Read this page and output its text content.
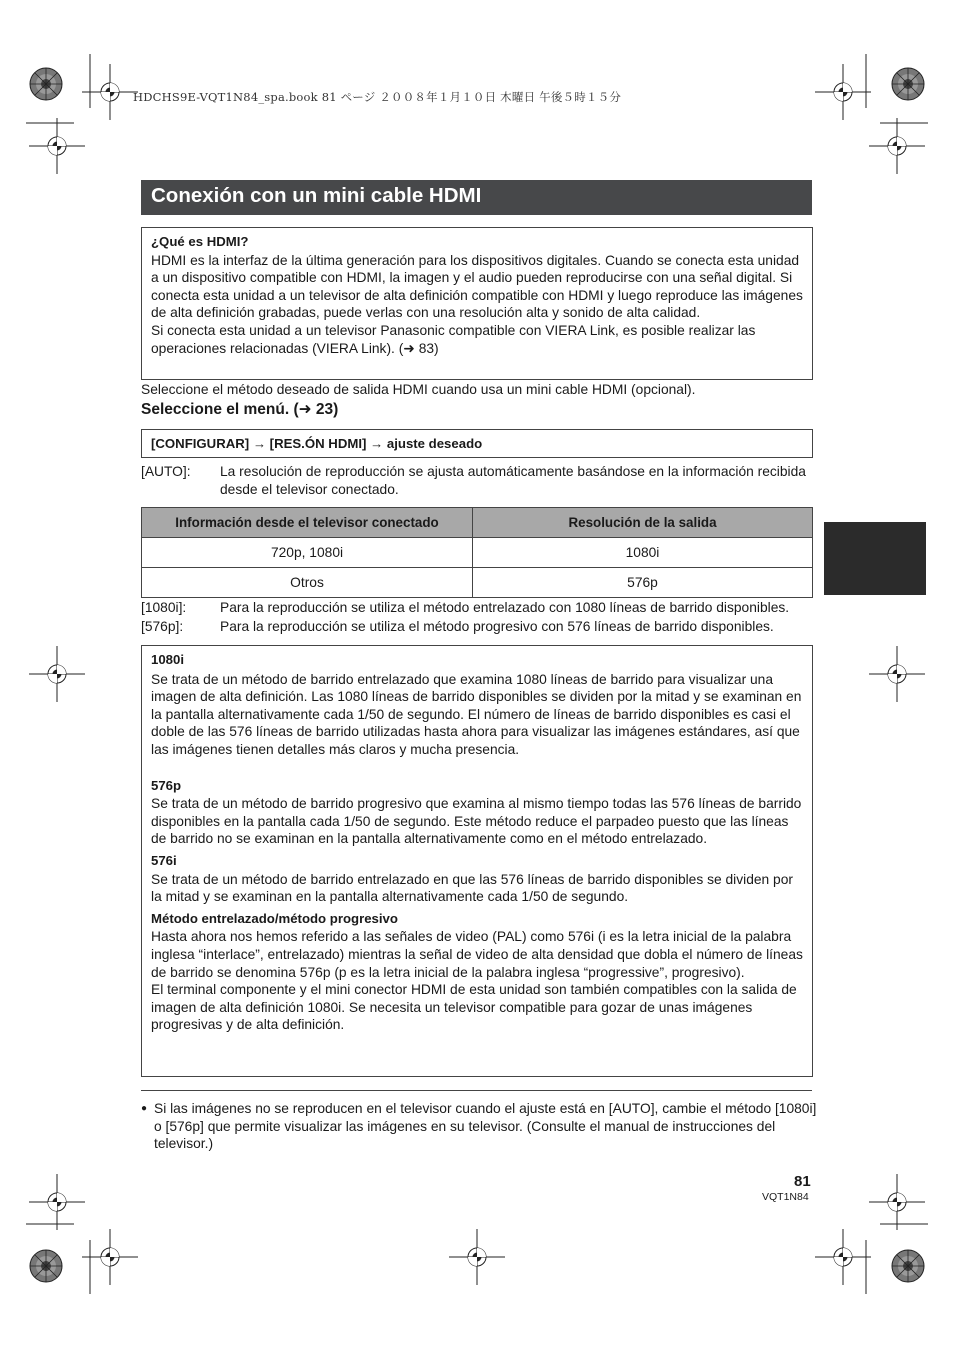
HDCHS9E-VQT1N84_spa.book 81 ページ ２００８年１月１０日 木曜日 午後５時１５分
Conexión con un mini cable HDMI

¿Qué es HDMI?

HDMI es la interfaz de la última generación para los dispositivos digitales. Cuando se conecta esta unidad a un dispositivo compatible con HDMI, la imagen y el audio pueden reproducirse con una señal digital. Si conecta esta unidad a un televisor de alta definición compatible con HDMI y luego reproduce las imágenes de alta definición grabadas, puede verlas con una resolución alta y sonido de alta calidad.

Si conecta esta unidad a un televisor Panasonic compatible con VIERA Link, es posible realizar las operaciones relacionadas (VIERA Link). (➜ 83)

Seleccione el método deseado de salida HDMI cuando usa un mini cable HDMI (opcional).
Seleccione el menú. (➜ 23)
[CONFIGURAR] → [RES.ÓN HDMI] → ajuste deseado
[AUTO]: La resolución de reproducción se ajusta automáticamente basándose en la información recibida desde el televisor conectado.

Información desde el televisor conectado	Resolución de la salida
720p, 1080i	1080i
Otros	576p
[1080i]: Para la reproducción se utiliza el método entrelazado con 1080 líneas de barrido disponibles.
[576p]:	Para la reproducción se utiliza el método progresivo con 576 líneas de barrido disponibles.

1080i

Se trata de un método de barrido entrelazado que examina 1080 líneas de barrido para visualizar una imagen de alta definición. Las 1080 líneas de barrido disponibles se dividen por la mitad y se examinan en la pantalla alternativamente cada 1/50 de segundo. El número de líneas de barrido disponibles es casi el doble de las 576 líneas de barrido utilizadas hasta ahora para visualizar las imágenes estándares, así que las imágenes tienen detalles más claros y mucha presencia.

576p

Se trata de un método de barrido progresivo que examina al mismo tiempo todas las 576 líneas de barrido disponibles en la pantalla cada 1/50 de segundo. Este método reduce el parpadeo puesto que las líneas de barrido no se examinan en la pantalla alternativamente como en el método entrelazado.

576i

Se trata de un método de barrido entrelazado en que las 576 líneas de barrido disponibles se dividen por la mitad y se examinan en la pantalla alternativamente cada 1/50 de segundo.

Método entrelazado/método progresivo

Hasta ahora nos hemos referido a las señales de video (PAL) como 576i (i es la letra inicial de la palabra inglesa “interlace”, entrelazado) mientras la señal de video de alta densidad que dobla el número de líneas de barrido se denomina 576p (p es la letra inicial de la palabra inglesa “progressive”, progresivo).

El terminal componente y el mini conector HDMI de esta unidad son también compatibles con la salida de imagen de alta definición 1080i. Se necesita un televisor compatible para gozar de unas imágenes progresivas y de alta definición.

● Si las imágenes no se reproducen en el televisor cuando el ajuste está en [AUTO], cambie el método [1080i] o [576p] que permite visualizar las imágenes en su televisor. (Consulte el manual de instrucciones del televisor.)

81
VQT1N84
